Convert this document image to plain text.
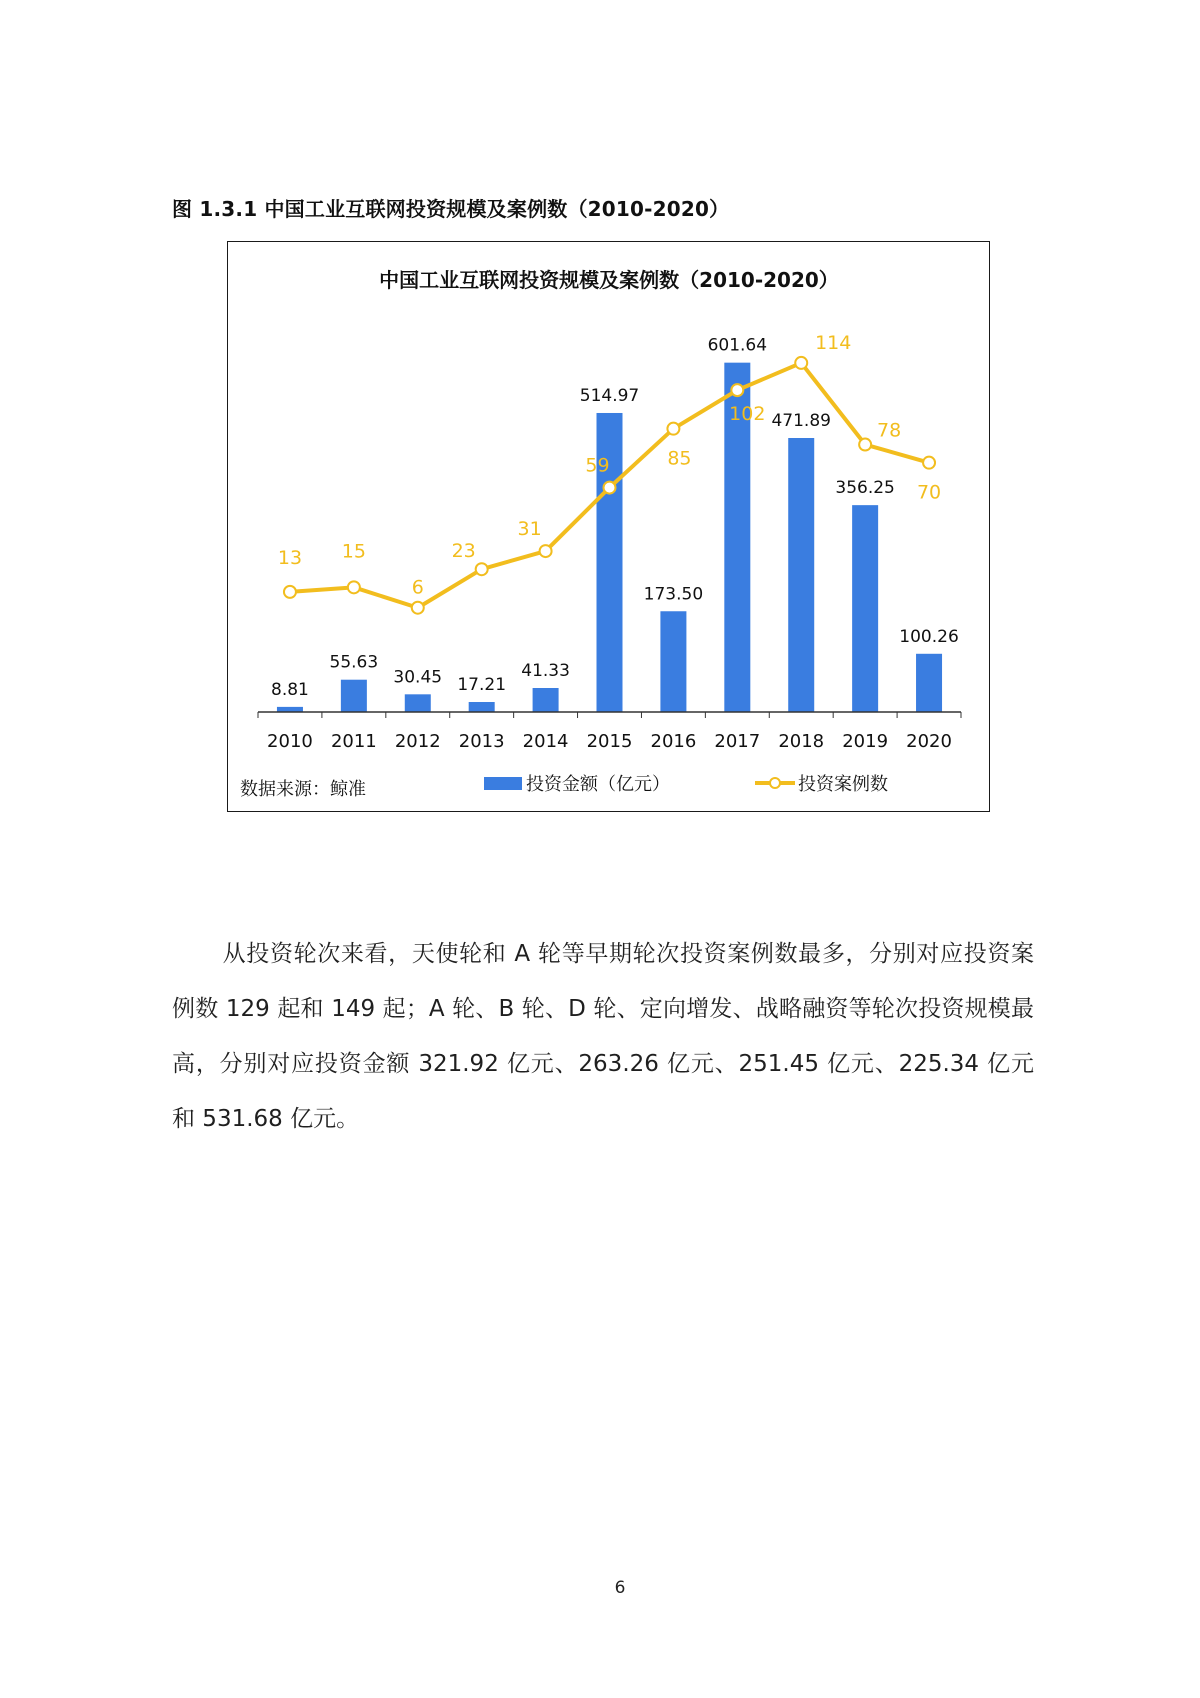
图 1.3.1 中国工业互联网投资规模及案例数（2010-2020）
中国工业互联网投资规模及案例数（2010-2020）
2010 2011 2012 2013 2014 2015 2016 2017 2018 2019 2020
8.81
55.63
30.45 17.21
41.33
514.97
173.50
601.64
471.89
356.25
100.26
13 15
6
23
31
59	85
102
114
78
70
数据来源：鲸准	投资金额（亿元）	投资案例数
从投资轮次来看，天使轮和 A 轮等早期轮次投资案例数最多，分别对应投资案例数 129 起和 149 起；A 轮、B 轮、D 轮、定向增发、战略融资等轮次投资规模最高，分别对应投资金额 321.92 亿元、263.26 亿元、251.45 亿元、225.34 亿元和 531.68 亿元。
6
